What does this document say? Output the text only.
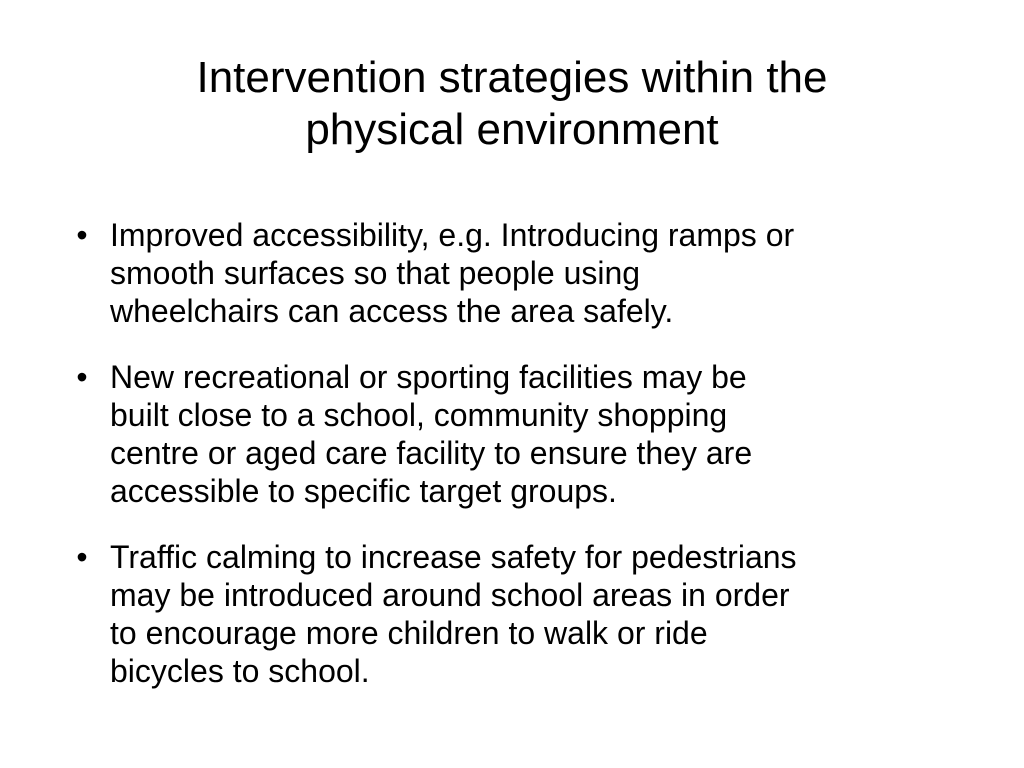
Intervention strategies within the
physical environment
• Improved accessibility, e.g. Introducing ramps or
smooth surfaces so that people using
wheelchairs can access the area safely.
• New recreational or sporting facilities may be
built close to a school, community shopping
centre or aged care facility to ensure they are
accessible to specific target groups.
• Traffic calming to increase safety for pedestrians
may be introduced around school areas in order
to encourage more children to walk or ride
bicycles to school.
